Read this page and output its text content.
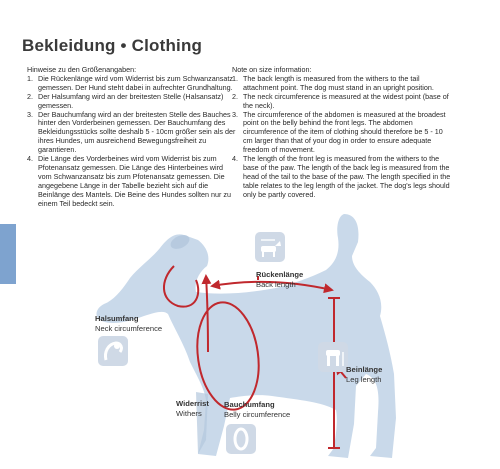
Bekleidung • Clothing

Hinweise zu den Größenangaben:

1. Die Rückenlänge wird vom Widerrist bis zum Schwanzansatz gemessen. Der Hund steht dabei in aufrechter Grundhaltung.
2. Der Halsumfang wird an der breitesten Stelle (Halsansatz) gemessen.
3. Der Bauchumfang wird an der breitesten Stelle des Bauches hinter den Vorderbeinen gemessen. Der Bauchumfang des Bekleidungsstücks sollte deshalb 5 - 10cm größer sein als der ihres Hundes, um ausreichend Bewegungsfreiheit zu garantieren.
4. Die Länge des Vorderbeines wird vom Widerrist bis zum Pfotenansatz gemessen. Die Länge des Hinterbeines wird vom Schwanzansatz bis zum Pfotenansatz gemessen. Die angegebene Länge in der Tabelle bezieht sich auf die Beinlänge des Mantels. Die Beine des Hundes sollten nur zu einem Teil bedeckt sein.

Note on size information:

1. The back length is measured from the withers to the tail attachment point. The dog must stand in an upright position.
2. The neck circumference is measured at the widest point (base of the neck).
3. The circumference of the abdomen is measured at the broadest point on the belly behind the front legs. The abdomen circumference of the item of clothing should therefore be 5 - 10 cm larger than that of your dog in order to ensure adequate freedom of movement.
4. The length of the front leg is measured from the withers to the base of the paw. The length of the back leg is measured from the head of the tail to the base of the paw. The length specified in the table relates to the leg length of the jacket. The dog's legs should only be partly covered.
Rückenlänge
Back length
Halsumfang
Neck circumference
Beinlänge
Leg length
Widerrist
Withers
Bauchumfang
Belly circumference
